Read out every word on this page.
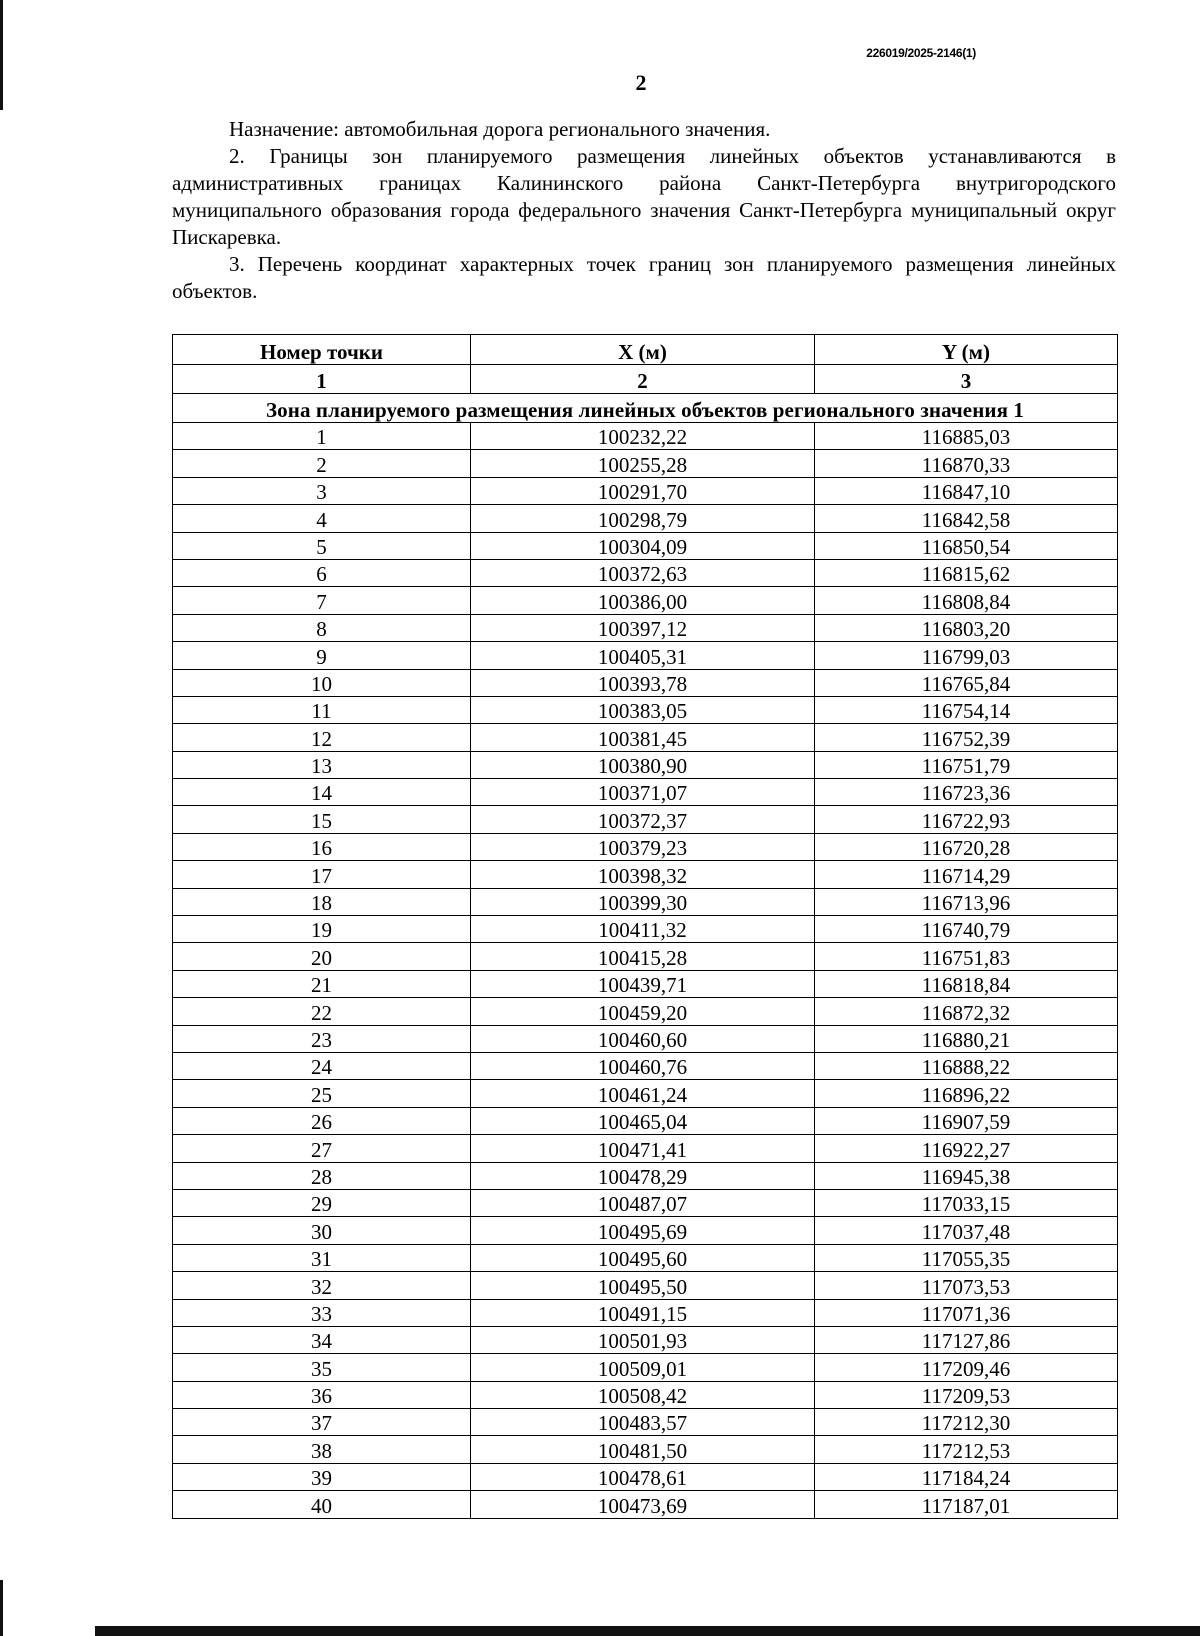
226019/2025-2146(1)
2

Назначение: автомобильная дорога регионального значения.

2. Границы зон планируемого размещения линейных объектов устанавливаются в административных границах Калининского района Санкт-Петербурга внутригородского муниципального образования города федерального значения Санкт-Петербурга муниципальный округ Пискаревка.

3. Перечень координат характерных точек границ зон планируемого размещения линейных объектов.

Номер точки	X (м)	Y (м)
1	2	3
Зона планируемого размещения линейных объектов регионального значения 1		
1	100232,22	116885,03
2	100255,28	116870,33
3	100291,70	116847,10
4	100298,79	116842,58
5	100304,09	116850,54
6	100372,63	116815,62
7	100386,00	116808,84
8	100397,12	116803,20
9	100405,31	116799,03
10	100393,78	116765,84
11	100383,05	116754,14
12	100381,45	116752,39
13	100380,90	116751,79
14	100371,07	116723,36
15	100372,37	116722,93
16	100379,23	116720,28
17	100398,32	116714,29
18	100399,30	116713,96
19	100411,32	116740,79
20	100415,28	116751,83
21	100439,71	116818,84
22	100459,20	116872,32
23	100460,60	116880,21
24	100460,76	116888,22
25	100461,24	116896,22
26	100465,04	116907,59
27	100471,41	116922,27
28	100478,29	116945,38
29	100487,07	117033,15
30	100495,69	117037,48
31	100495,60	117055,35
32	100495,50	117073,53
33	100491,15	117071,36
34	100501,93	117127,86
35	100509,01	117209,46
36	100508,42	117209,53
37	100483,57	117212,30
38	100481,50	117212,53
39	100478,61	117184,24
40	100473,69	117187,01
